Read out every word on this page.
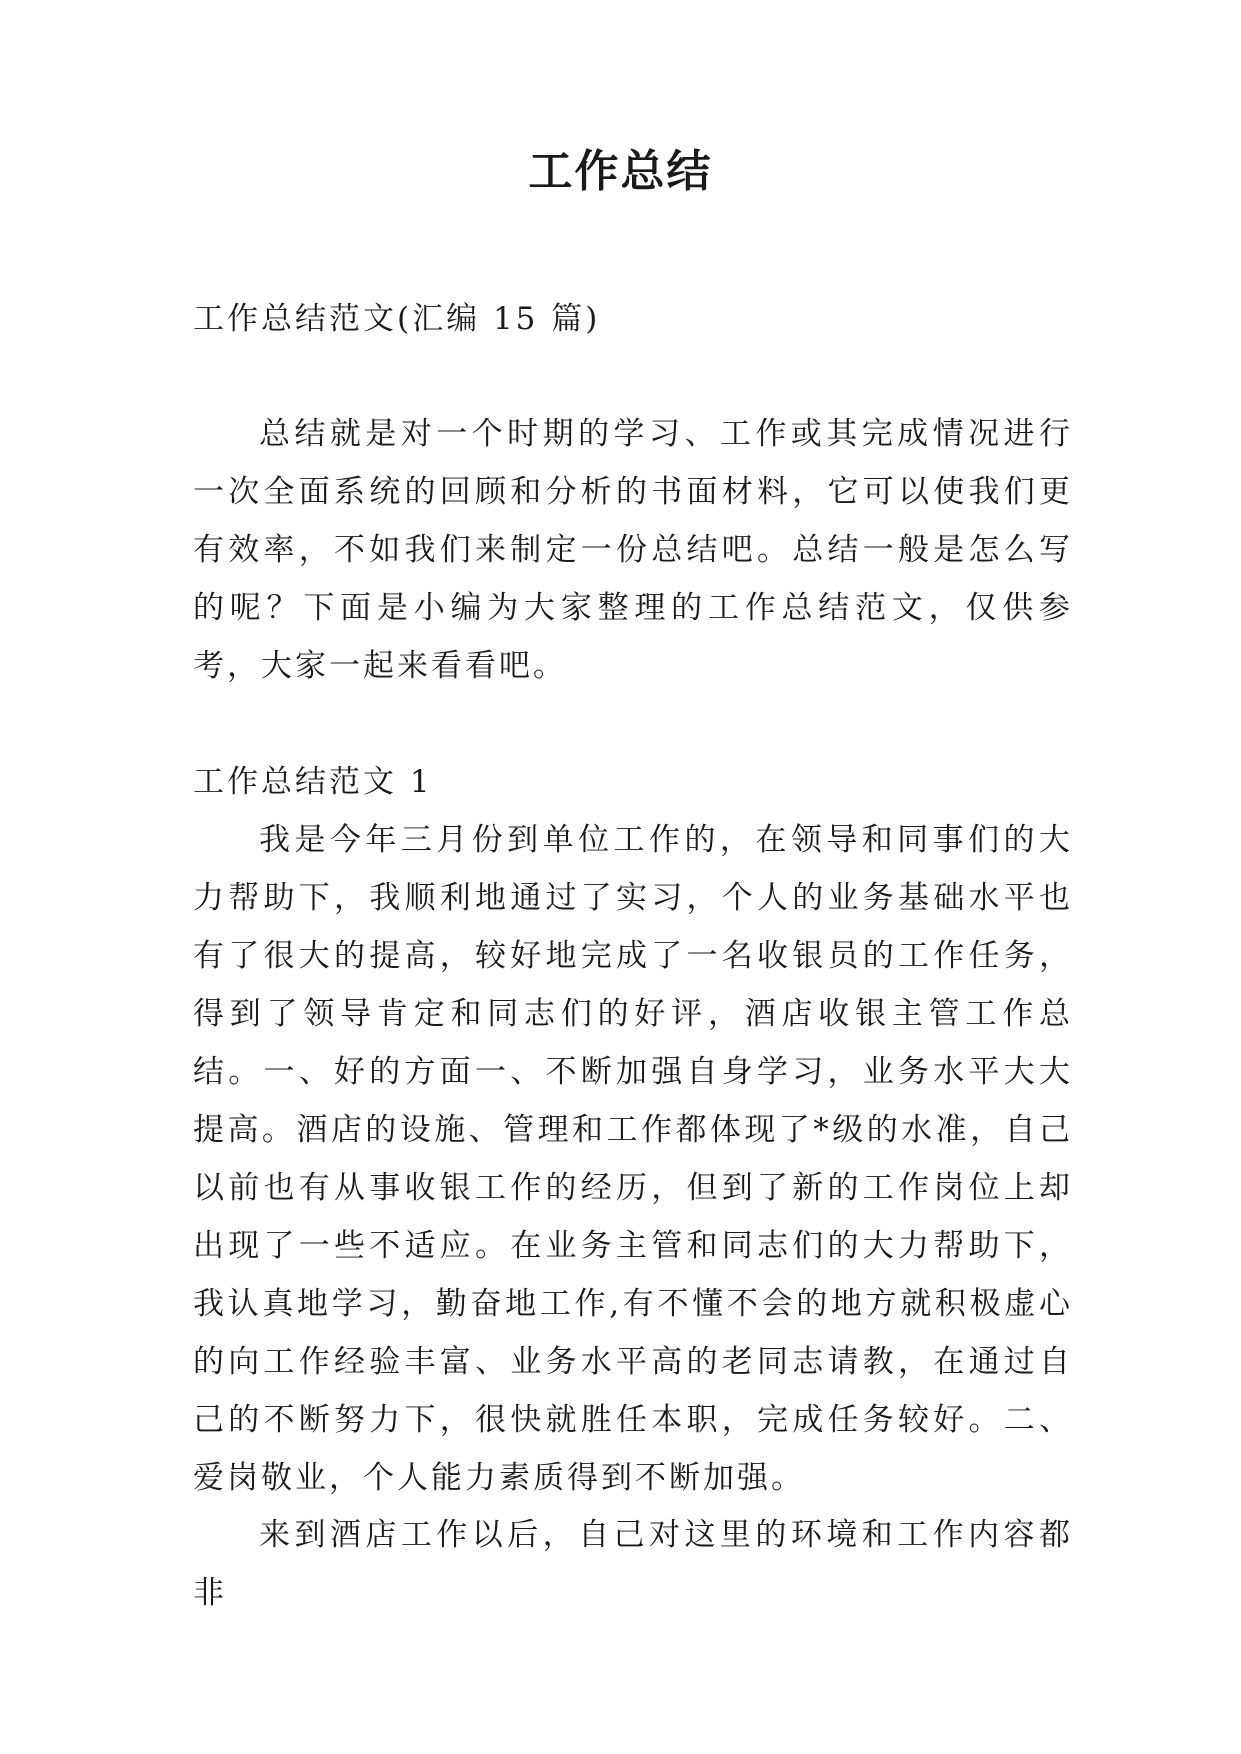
工作总结

工作总结范文(汇编 15 篇)

总结就是对一个时期的学习、工作或其完成情况进行一次全面系统的回顾和分析的书面材料，它可以使我们更有效率，不如我们来制定一份总结吧。总结一般是怎么写的呢？下面是小编为大家整理的工作总结范文，仅供参考，大家一起来看看吧。

工作总结范文 1

我是今年三月份到单位工作的，在领导和同事们的大力帮助下，我顺利地通过了实习，个人的业务基础水平也有了很大的提高，较好地完成了一名收银员的工作任务，得到了领导肯定和同志们的好评，酒店收银主管工作总结。一、好的方面一、不断加强自身学习，业务水平大大提高。酒店的设施、管理和工作都体现了*级的水准，自己以前也有从事收银工作的经历，但到了新的工作岗位上却出现了一些不适应。在业务主管和同志们的大力帮助下，我认真地学习，勤奋地工作,有不懂不会的地方就积极虚心的向工作经验丰富、业务水平高的老同志请教，在通过自己的不断努力下，很快就胜任本职，完成任务较好。二、爱岗敬业，个人能力素质得到不断加强。

来到酒店工作以后，自己对这里的环境和工作内容都非
